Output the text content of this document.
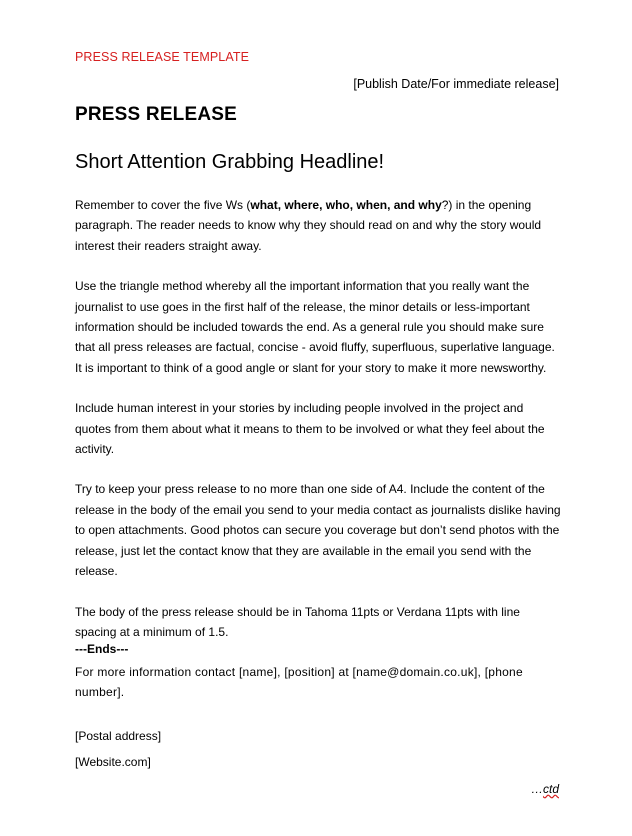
PRESS RELEASE TEMPLATE
[Publish Date/For immediate release]
PRESS RELEASE
Short Attention Grabbing Headline!

Remember to cover the five Ws (what, where, who, when, and why?) in the opening paragraph. The reader needs to know why they should read on and why the story would interest their readers straight away.

Use the triangle method whereby all the important information that you really want the journalist to use goes in the first half of the release, the minor details or less-important information should be included towards the end. As a general rule you should make sure that all press releases are factual, concise - avoid fluffy, superfluous, superlative language. It is important to think of a good angle or slant for your story to make it more newsworthy.

Include human interest in your stories by including people involved in the project and quotes from them about what it means to them to be involved or what they feel about the activity.

Try to keep your press release to no more than one side of A4. Include the content of the release in the body of the email you send to your media contact as journalists dislike having to open attachments. Good photos can secure you coverage but don’t send photos with the release, just let the contact know that they are available in the email you send with the release.

The body of the press release should be in Tahoma 11pts or Verdana 11pts with line spacing at a minimum of 1.5.

---Ends---
For more information contact [name], [position] at [name@domain.co.uk], [phone number].
[Postal address]
[Website.com]
…ctd
